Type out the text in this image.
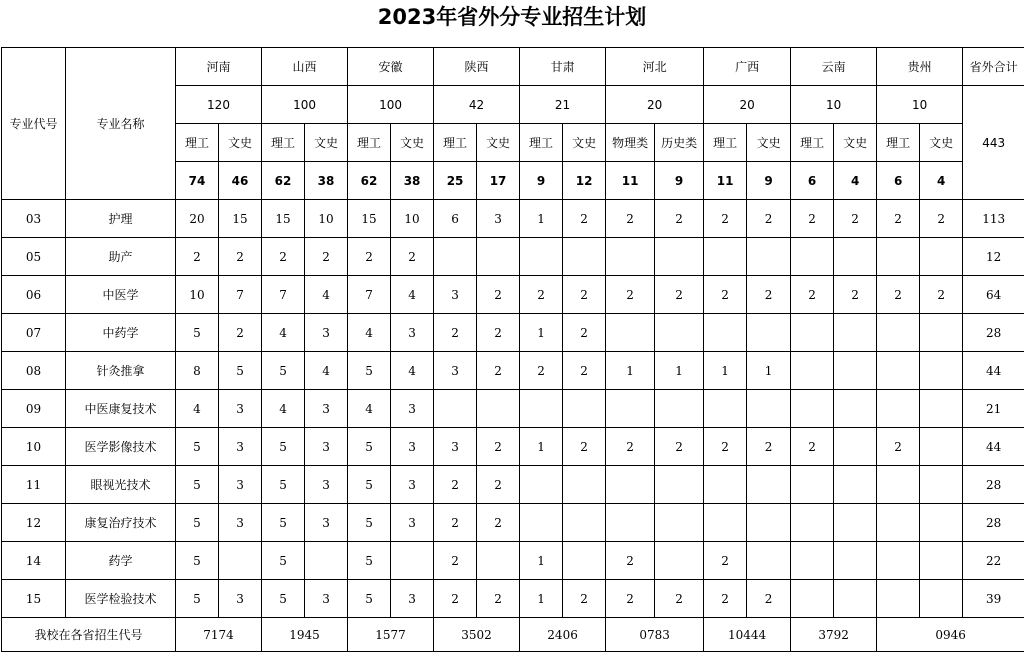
2023年省外分专业招生计划
专业代号	专业名称	河南		山西		安徽		陕西		甘肃		河北		广西		云南		贵州		省外合计
		120		100		100		42		21		20		20		10		10		443
		理工	文史	理工	文史	理工	文史	理工	文史	理工	文史	物理类	历史类	理工	文史	理工	文史	理工	文史	
		74	46	62	38	62	38	25	17	9	12	11	9	11	9	6	4	6	4	
03	护理	20	15	15	10	15	10	6	3	1	2	2	2	2	2	2	2	2	2	113
05	助产	2	2	2	2	2	2													12
06	中医学	10	7	7	4	7	4	3	2	2	2	2	2	2	2	2	2	2	2	64
07	中药学	5	2	4	3	4	3	2	2	1	2									28
08	针灸推拿	8	5	5	4	5	4	3	2	2	2	1	1	1	1					44
09	中医康复技术	4	3	4	3	4	3													21
10	医学影像技术	5	3	5	3	5	3	3	2	1	2	2	2	2	2	2		2		44
11	眼视光技术	5	3	5	3	5	3	2	2											28
12	康复治疗技术	5	3	5	3	5	3	2	2											28
14	药学	5		5		5		2		1		2		2						22
15	医学检验技术	5	3	5	3	5	3	2	2	1	2	2	2	2	2					39
我校在各省招生代号		7174		1945		1577		3502		2406		0783		10444		3792		0946		
